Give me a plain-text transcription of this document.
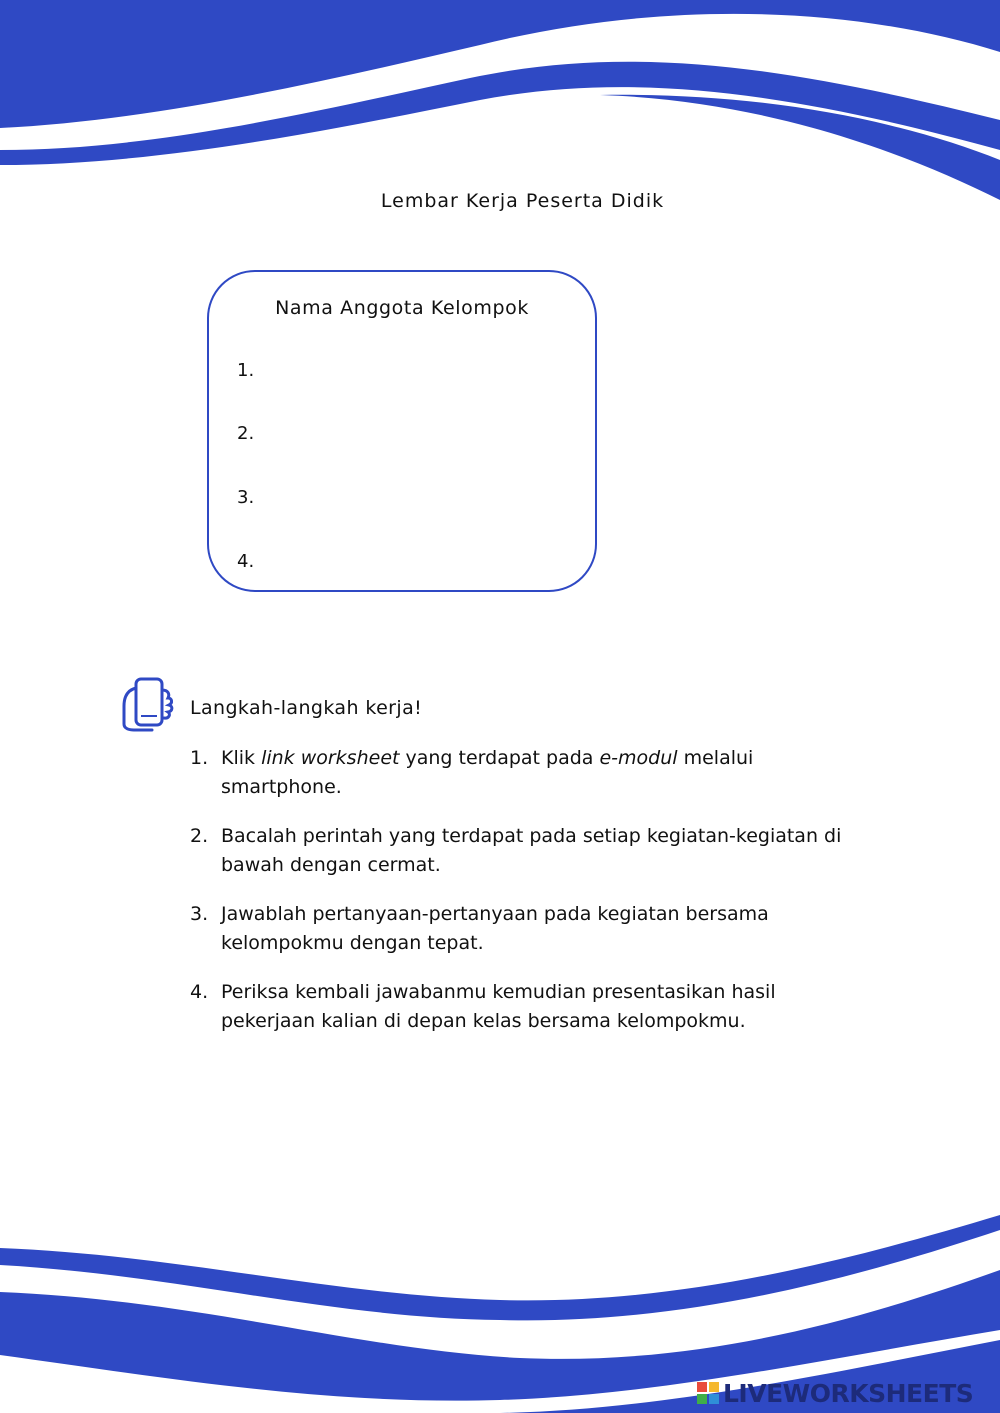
Lembar Kerja Peserta Didik
Nama Anggota Kelompok
1.
2.
3.
4.
Langkah-langkah kerja!
1. Klik link worksheet yang terdapat pada e-modul melalui smartphone.
2. Bacalah perintah yang terdapat pada setiap kegiatan-kegiatan di bawah dengan cermat.
3. Jawablah pertanyaan-pertanyaan pada kegiatan bersama kelompokmu dengan tepat.
4. Periksa kembali jawabanmu kemudian presentasikan hasil pekerjaan kalian di depan kelas bersama kelompokmu.
LIVEWORKSHEETS
